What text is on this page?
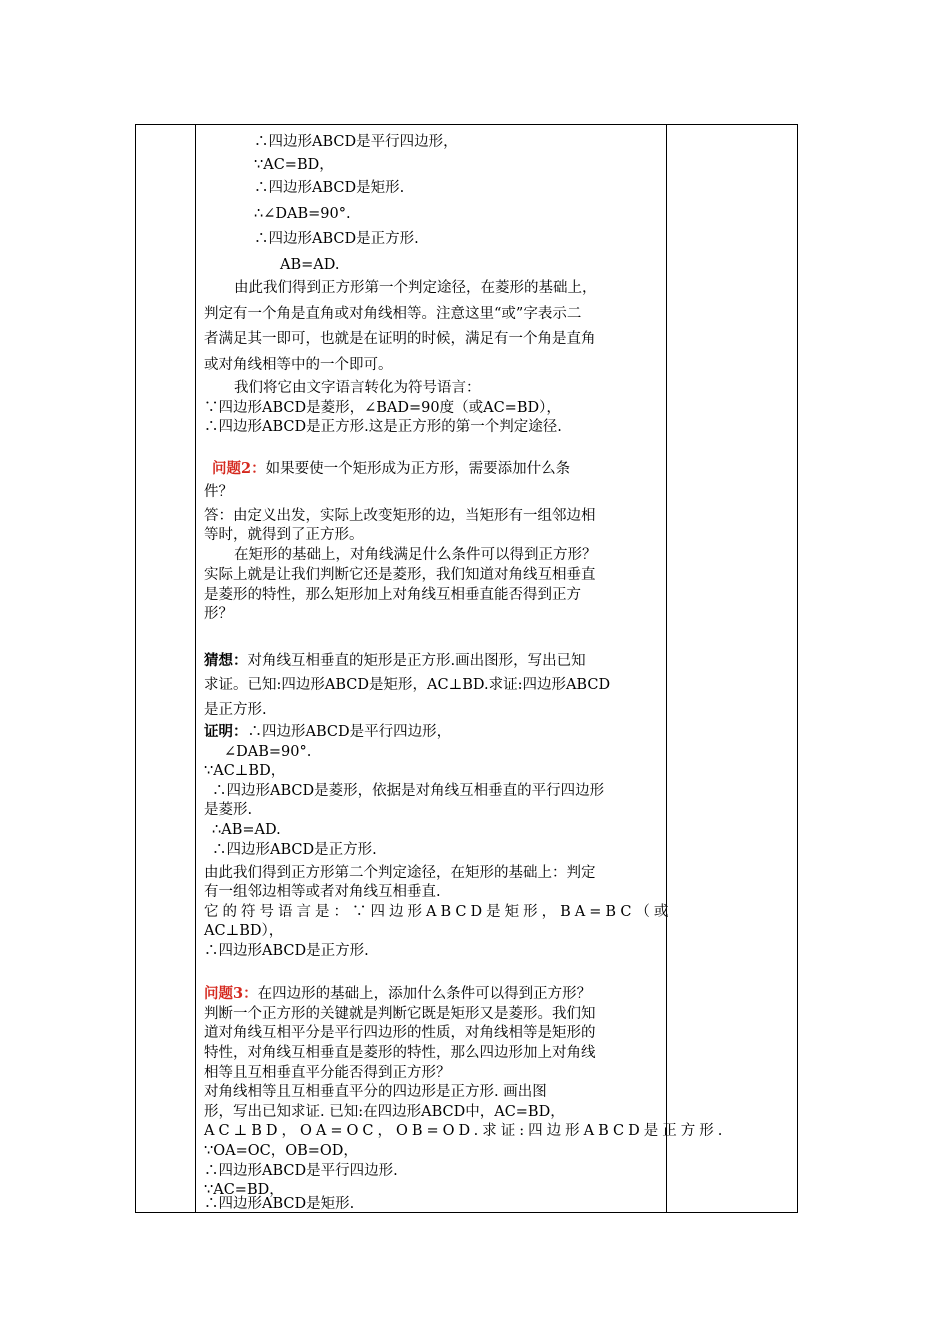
∴四边形ABCD是平行四边形，
∵AC=BD，
∴四边形ABCD是矩形.
∴∠DAB=90°.
∴四边形ABCD是正方形.
AB=AD.
由此我们得到正方形第一个判定途径，在菱形的基础上，
判定有一个角是直角或对角线相等。注意这里“或”字表示二
者满足其一即可，也就是在证明的时候，满足有一个角是直角
或对角线相等中的一个即可。
我们将它由文字语言转化为符号语言：
∵四边形ABCD是菱形，∠BAD=90度（或AC=BD），
∴四边形ABCD是正方形.这是正方形的第一个判定途径.
问题2：如果要使一个矩形成为正方形，需要添加什么条
件？
答：由定义出发，实际上改变矩形的边，当矩形有一组邻边相
等时，就得到了正方形。
在矩形的基础上，对角线满足什么条件可以得到正方形？
实际上就是让我们判断它还是菱形，我们知道对角线互相垂直
是菱形的特性，那么矩形加上对角线互相垂直能否得到正方
形？
猜想：对角线互相垂直的矩形是正方形.画出图形，写出已知
求证。已知:四边形ABCD是矩形，AC⊥BD.求证:四边形ABCD
是正方形.
证明：∴四边形ABCD是平行四边形，
∠DAB=90°.
∵AC⊥BD，
∴四边形ABCD是菱形，依据是对角线互相垂直的平行四边形
是菱形.
∴AB=AD.
∴四边形ABCD是正方形.
由此我们得到正方形第二个判定途径，在矩形的基础上：判定
有一组邻边相等或者对角线互相垂直.
它的符号语言是：∵四边形ABCD是矩形，BA=BC（或
AC⊥BD），
∴四边形ABCD是正方形.
问题3：在四边形的基础上，添加什么条件可以得到正方形？
判断一个正方形的关键就是判断它既是矩形又是菱形。我们知
道对角线互相平分是平行四边形的性质，对角线相等是矩形的
特性，对角线互相垂直是菱形的特性，那么四边形加上对角线
相等且互相垂直平分能否得到正方形？
对角线相等且互相垂直平分的四边形是正方形. 画出图
形，写出已知求证. 已知:在四边形ABCD中，AC=BD，
AC⊥BD，OA=OC，OB=OD.求证:四边形ABCD是正方形.
∵OA=OC，OB=OD，
∴四边形ABCD是平行四边形.
∵AC=BD，
∴四边形ABCD是矩形.
